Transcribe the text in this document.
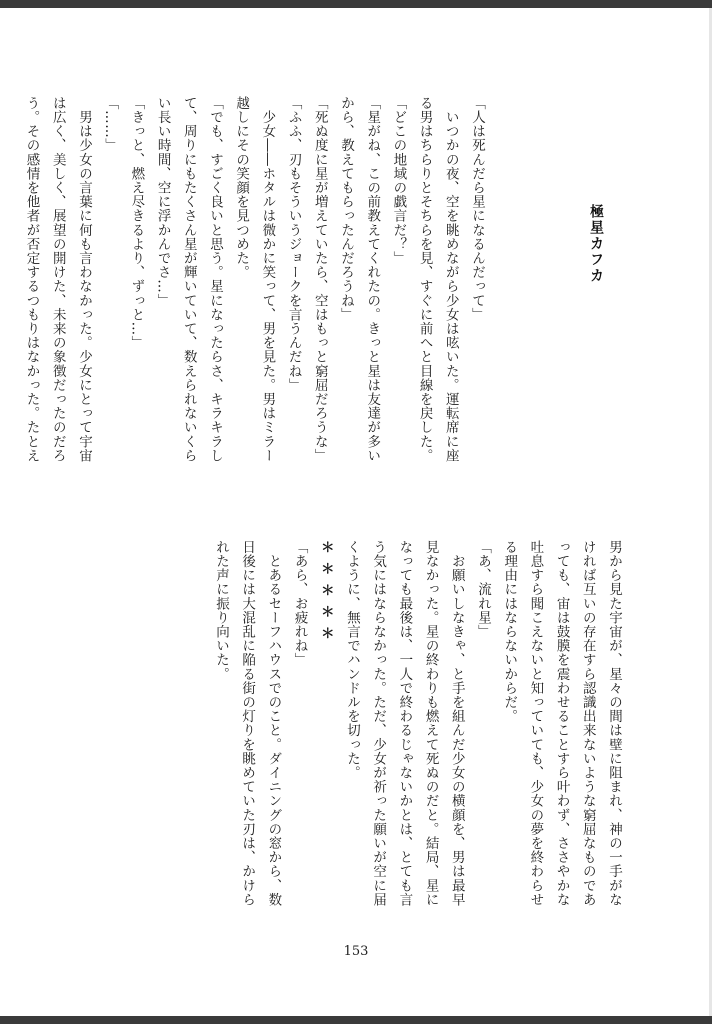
極星カフカ
「人は死んだら星になるんだって」
　いつかの夜、空を眺めながら少女は呟いた。運転席に座
る男はちらりとそちらを見、すぐに前へと目線を戻した。
「どこの地域の戯言だ？」
「星がね、この前教えてくれたの。きっと星は友達が多い
から、教えてもらったんだろうね」
「死ぬ度に星が増えていたら、空はもっと窮屈だろうな」
「ふふ、刃もそういうジョークを言うんだね」
　少女――ホタルは微かに笑って、男を見た。男はミラー
越しにその笑顔を見つめた。
「でも、すごく良いと思う。星になったらさ、キラキラし
て、周りにもたくさん星が輝いていて、数えられないくら
い長い時間、空に浮かんでさ…」
「きっと、燃え尽きるより、ずっと…」
「……」
　男は少女の言葉に何も言わなかった。少女にとって宇宙
は広く、美しく、展望の開けた、未来の象徴だったのだろ
う。その感情を他者が否定するつもりはなかった。たとえ
男から見た宇宙が、星々の間は壁に阻まれ、神の一手がな
ければ互いの存在すら認識出来ないような窮屈なものであ
っても、宙は鼓膜を震わせることすら叶わず、ささやかな
吐息すら聞こえないと知っていても、少女の夢を終わらせ
る理由にはならないからだ。
「あ、流れ星」
　お願いしなきゃ、と手を組んだ少女の横顔を、男は最早
見なかった。星の終わりも燃えて死ぬのだと。結局、星に
なっても最後は、一人で終わるじゃないかとは、とても言
う気にはならなかった。ただ、少女が祈った願いが空に届
くように、無言でハンドルを切った。
＊＊＊＊＊
「あら、お疲れね」
　とあるセーフハウスでのこと。ダイニングの窓から、数
日後には大混乱に陥る街の灯りを眺めていた刃は、かけら
れた声に振り向いた。
153
